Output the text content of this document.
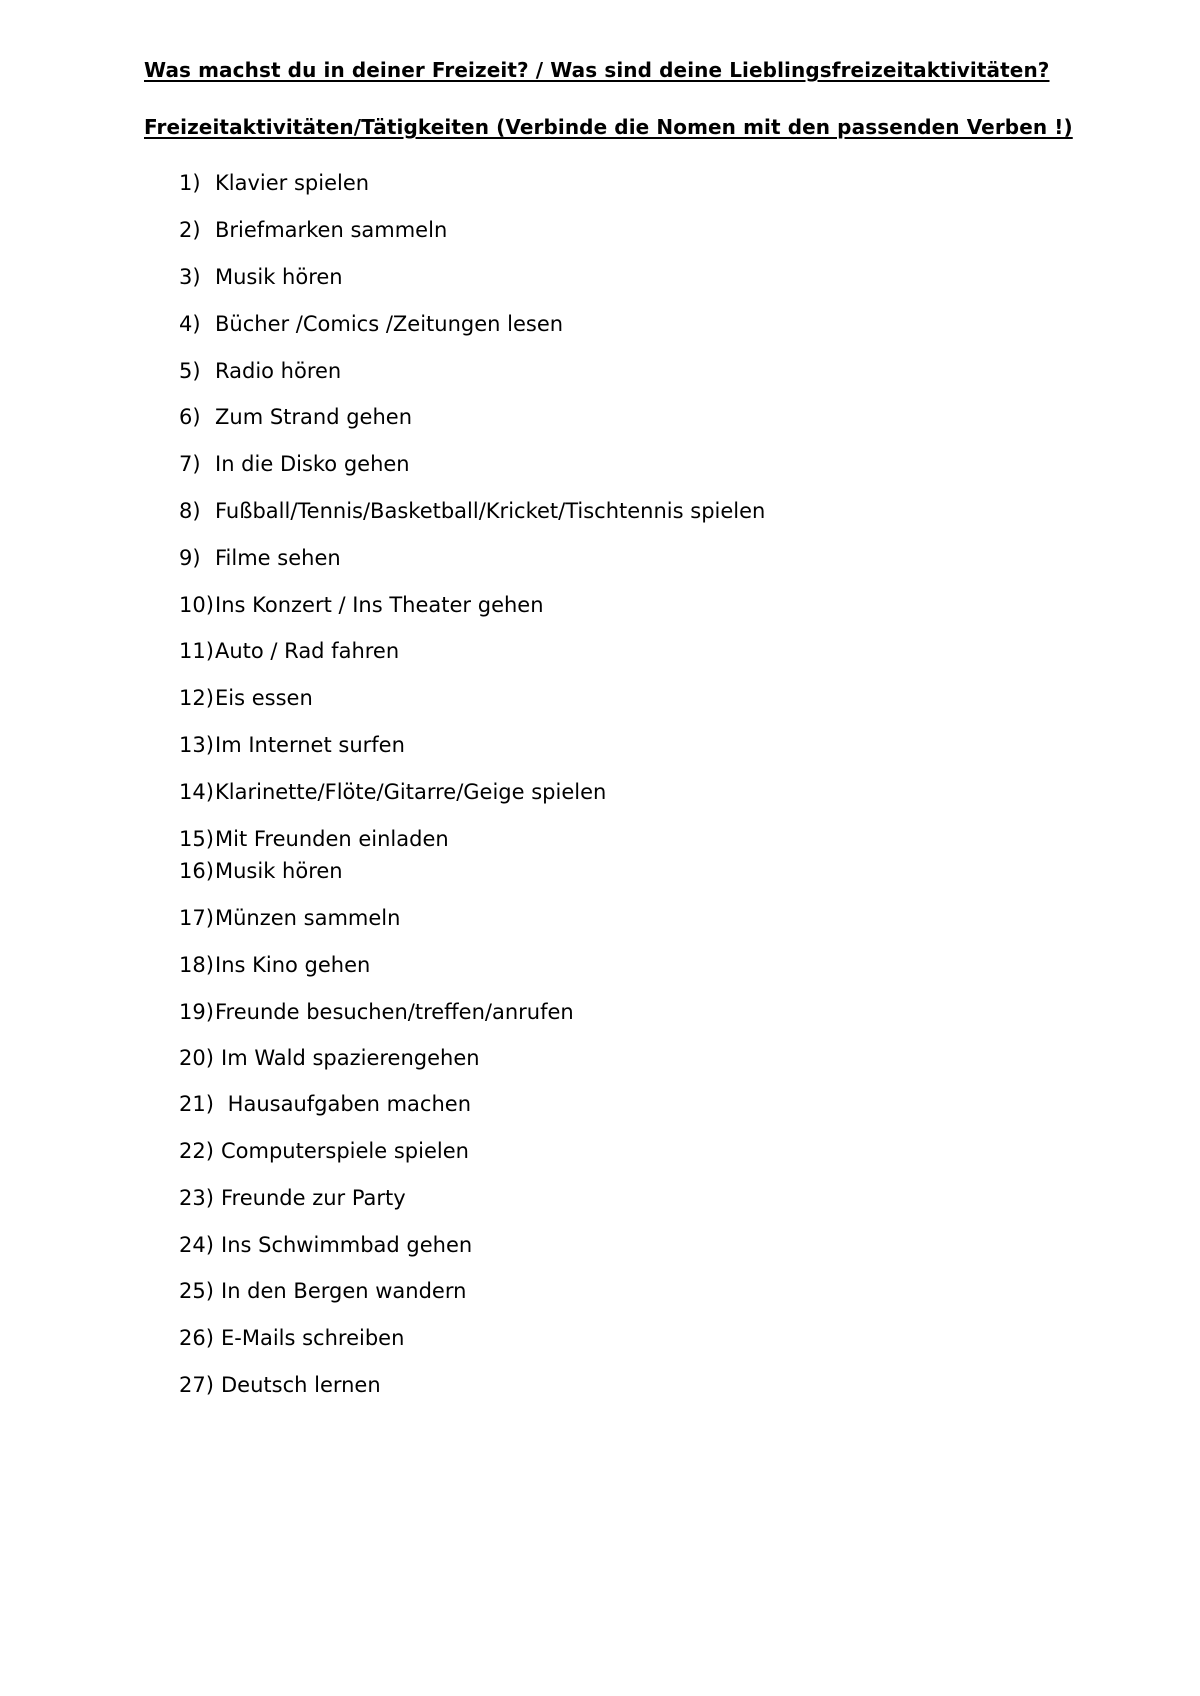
Was machst du in deiner Freizeit? / Was sind deine Lieblingsfreizeitaktivitäten?
Freizeitaktivitäten/Tätigkeiten (Verbinde die Nomen mit den passenden Verben !)
1) Klavier spielen
2) Briefmarken sammeln
3) Musik hören
4) Bücher /Comics /Zeitungen lesen
5) Radio hören
6) Zum Strand gehen
7) In die Disko gehen
8) Fußball/Tennis/Basketball/Kricket/Tischtennis spielen
9) Filme sehen
10)Ins Konzert / Ins Theater gehen
11)Auto / Rad fahren
12)Eis essen
13)Im Internet surfen
14)Klarinette/Flöte/Gitarre/Geige spielen
15)Mit Freunden einladen
16)Musik hören
17)Münzen sammeln
18)Ins Kino gehen
19)Freunde besuchen/treffen/anrufen
20) Im Wald spazierengehen
21) Hausaufgaben machen
22) Computerspiele spielen
23) Freunde zur Party
24) Ins Schwimmbad gehen
25) In den Bergen wandern
26) E-Mails schreiben
27) Deutsch lernen
